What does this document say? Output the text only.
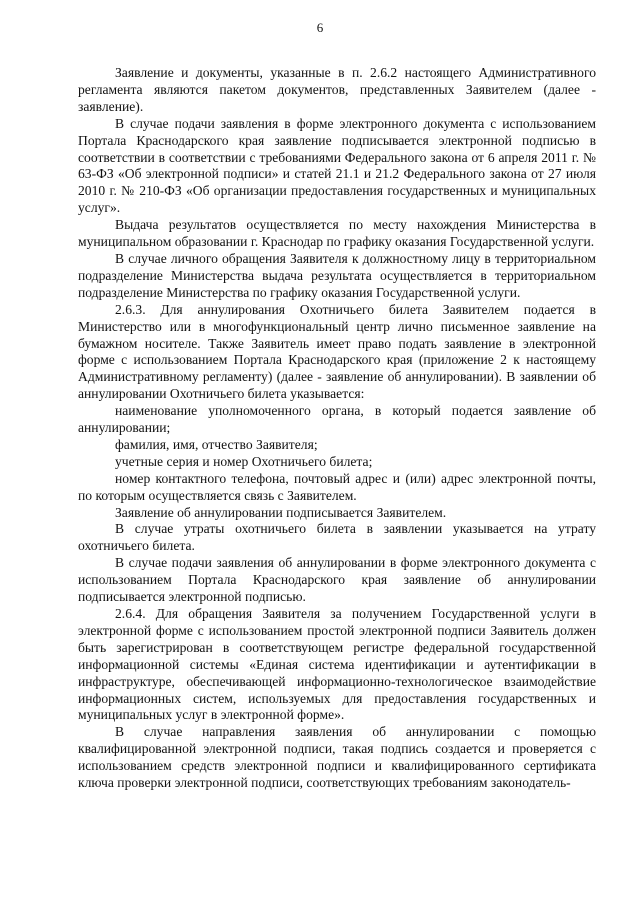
6

Заявление и документы, указанные в п. 2.6.2 настоящего Административного регламента являются пакетом документов, представленных Заявителем (далее - заявление).

В случае подачи заявления в форме электронного документа с использованием Портала Краснодарского края заявление подписывается электронной подписью в соответствии в соответствии с требованиями Федерального закона от 6 апреля 2011 г. № 63-ФЗ «Об электронной подписи» и статей 21.1 и 21.2 Федерального закона от 27 июля 2010 г. № 210-ФЗ «Об организации предоставления государственных и муниципальных услуг».

Выдача результатов осуществляется по месту нахождения Министерства в муниципальном образовании г. Краснодар по графику оказания Государственной услуги.

В случае личного обращения Заявителя к должностному лицу в территориальном подразделение Министерства выдача результата осуществляется в территориальном подразделение Министерства по графику оказания Государственной услуги.

2.6.3. Для аннулирования Охотничьего билета Заявителем подается в Министерство или в многофункциональный центр лично письменное заявление на бумажном носителе. Также Заявитель имеет право подать заявление в электронной форме с использованием Портала Краснодарского края (приложение 2 к настоящему Административному регламенту) (далее - заявление об аннулировании). В заявлении об аннулировании Охотничьего билета указывается:

наименование уполномоченного органа, в который подается заявление об аннулировании;

фамилия, имя, отчество Заявителя;

учетные серия и номер Охотничьего билета;

номер контактного телефона, почтовый адрес и (или) адрес электронной почты, по которым осуществляется связь с Заявителем.

Заявление об аннулировании подписывается Заявителем.

В случае утраты охотничьего билета в заявлении указывается на утрату охотничьего билета.

В случае подачи заявления об аннулировании в форме электронного документа с использованием Портала Краснодарского края заявление об аннулировании подписывается электронной подписью.

2.6.4. Для обращения Заявителя за получением Государственной услуги в электронной форме с использованием простой электронной подписи Заявитель должен быть зарегистрирован в соответствующем регистре федеральной государственной информационной системы «Единая система идентификации и аутентификации в инфраструктуре, обеспечивающей информационно-технологическое взаимодействие информационных систем, используемых для предоставления государственных и муниципальных услуг в электронной форме».

В случае направления заявления об аннулировании с помощью квалифицированной электронной подписи, такая подпись создается и проверяется с использованием средств электронной подписи и квалифицированного сертификата ключа проверки электронной подписи, соответствующих требованиям законодатель-
